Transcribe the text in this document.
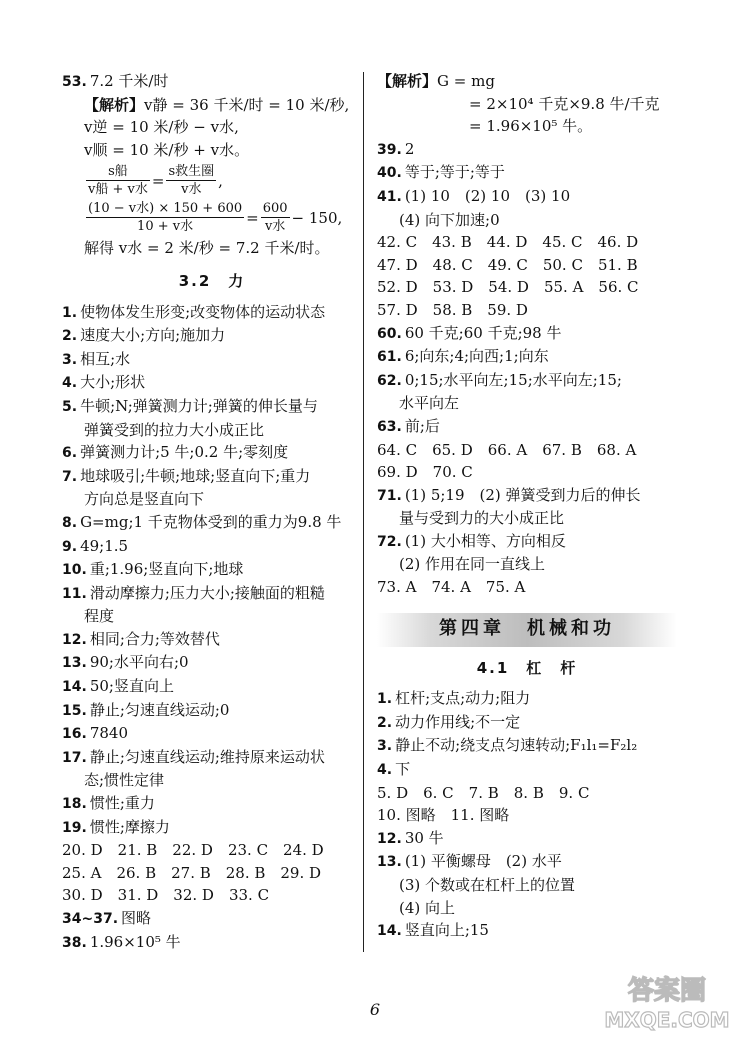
53. 7.2 千米/时
【解析】v静 = 36 千米/时 = 10 米/秒,
v逆 = 10 米/秒 − v水,
v顺 = 10 米/秒 + v水。
$\frac{\text{s船}}{\text{v船 + v水}} = \frac{\text{s救生圈}}{\text{v水}}$ ,
$\frac{\text{(10 − v水) × 150 + 600}}{\text{10 + v水}} = \frac{600}{\text{v水}} - 150$,
解得 v水 = 2 米/秒 = 7.2 千米/时。
3.2　力
1. 使物体发生形变;改变物体的运动状态
2. 速度大小;方向;施加力
3. 相互;水
4. 大小;形状
5. 牛顿;N;弹簧测力计;弹簧的伸长量与
弹簧受到的拉力大小成正比
6. 弹簧测力计;5 牛;0.2 牛;零刻度
7. 地球吸引;牛顿;地球;竖直向下;重力
方向总是竖直向下
8. G=mg;1 千克物体受到的重力为9.8 牛
9. 49;1.5
10. 重;1.96;竖直向下;地球
11. 滑动摩擦力;压力大小;接触面的粗糙
程度
12. 相同;合力;等效替代
13. 90;水平向右;0
14. 50;竖直向上
15. 静止;匀速直线运动;0
16. 7840
17. 静止;匀速直线运动;维持原来运动状
态;惯性定律
18. 惯性;重力
19. 惯性;摩擦力
20. D　21. B　22. D　23. C　24. D
25. A　26. B　27. B　28. B　29. D
30. D　31. D　32. D　33. C
34~37. 图略
38. 1.96×10⁵ 牛
【解析】G = mg
= 2×10⁴ 千克×9.8 牛/千克
= 1.96×10⁵ 牛。
39. 2
40. 等于;等于;等于
41. (1) 10　(2) 10　(3) 10
(4) 向下加速;0
42. C　43. B　44. D　45. C　46. D
47. D　48. C　49. C　50. C　51. B
52. D　53. D　54. D　55. A　56. C
57. D　58. B　59. D
60. 60 千克;60 千克;98 牛
61. 6;向东;4;向西;1;向东
62. 0;15;水平向左;15;水平向左;15;
水平向左
63. 前;后
64. C　65. D　66. A　67. B　68. A
69. D　70. C
71. (1) 5;19　(2) 弹簧受到力后的伸长
量与受到力的大小成正比
72. (1) 大小相等、方向相反
(2) 作用在同一直线上
73. A　74. A　75. A
第四章　机械和功
4.1　杠　杆
1. 杠杆;支点;动力;阻力
2. 动力作用线;不一定
3. 静止不动;绕支点匀速转动;F₁l₁=F₂l₂
4. 下
5. D　6. C　7. B　8. B　9. C
10. 图略　11. 图略
12. 30 牛
13. (1) 平衡螺母　(2) 水平
(3) 个数或在杠杆上的位置
(4) 向上
14. 竖直向上;15
6
答案圈
MXQE.COM
